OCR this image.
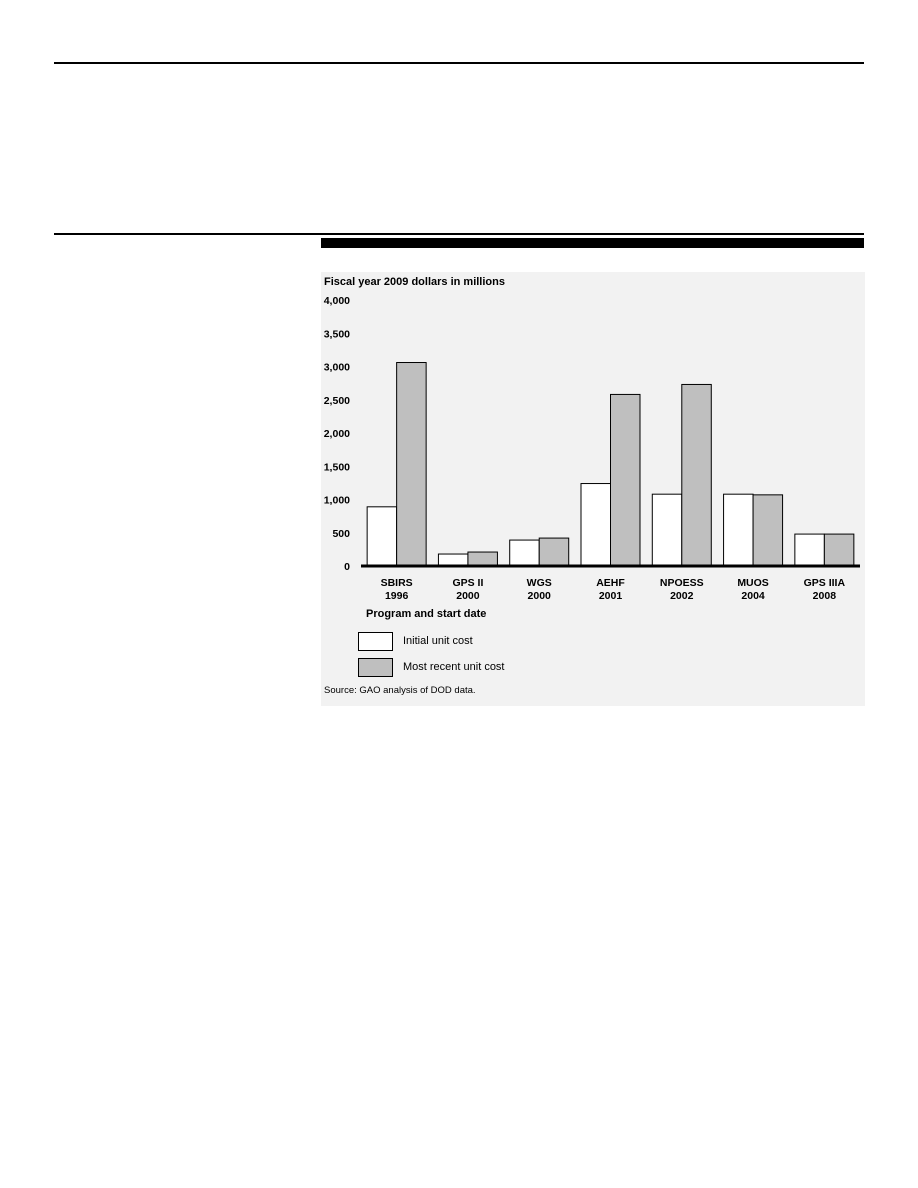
Fiscal year 2009 dollars in millions
0
500
1,000
1,500
2,000
2,500
3,000
3,500
4,000
SBIRS
1996
GPS II
2000
WGS
2000
AEHF
2001
NPOESS
2002
MUOS
2004
GPS IIIA
2008
Program and start date
Initial unit cost
Most recent unit cost
Source: GAO analysis of DOD data.
